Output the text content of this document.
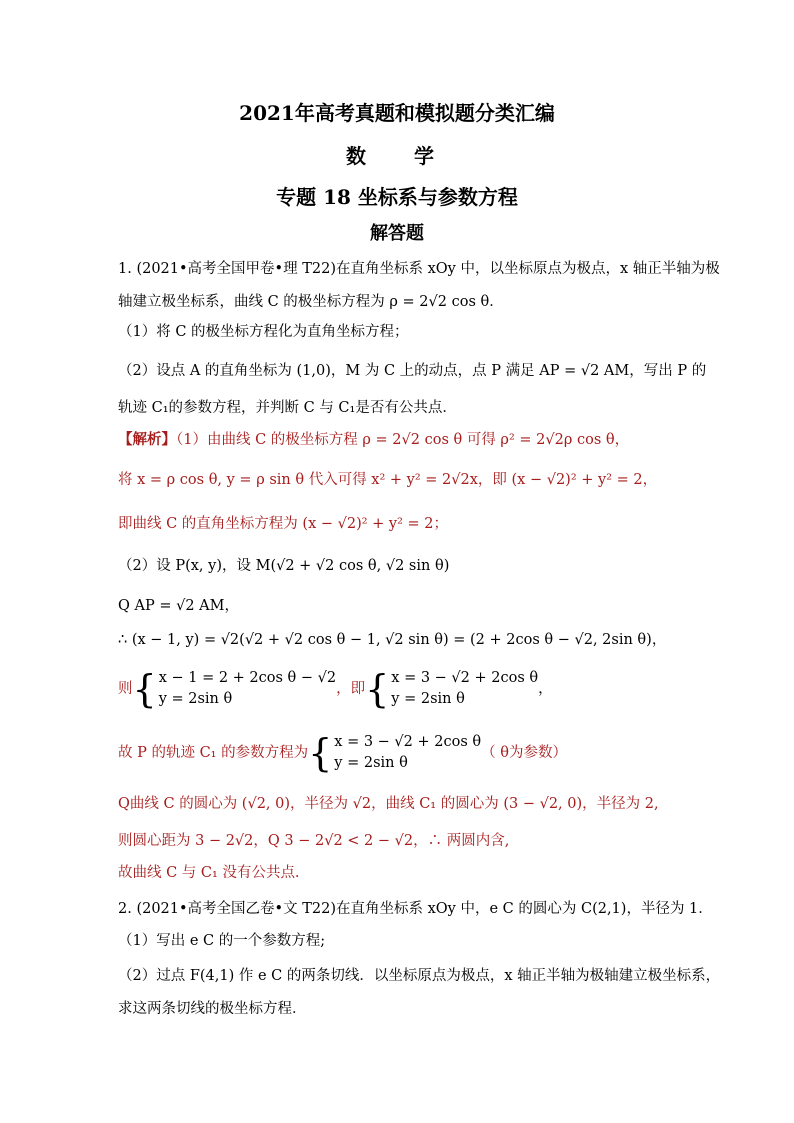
2021年高考真题和模拟题分类汇编
数　学
专题 18 坐标系与参数方程
解答题
1. (2021•高考全国甲卷•理 T22)在直角坐标系 xOy 中，以坐标原点为极点，x 轴正半轴为极
轴建立极坐标系，曲线 C 的极坐标方程为 ρ = 2√2 cos θ．
（1）将 C 的极坐标方程化为直角坐标方程；
（2）设点 A 的直角坐标为 (1,0)，M 为 C 上的动点，点 P 满足 AP = √2 AM，写出 P 的
轨迹 C₁的参数方程，并判断 C 与 C₁是否有公共点．
【解析】（1）由曲线 C 的极坐标方程 ρ = 2√2 cos θ 可得 ρ² = 2√2ρ cos θ，
将 x = ρ cos θ, y = ρ sin θ 代入可得 x² + y² = 2√2x，即 (x − √2)² + y² = 2，
即曲线 C 的直角坐标方程为 (x − √2)² + y² = 2；
（2）设 P(x, y)，设 M(√2 + √2 cos θ, √2 sin θ)
Q AP = √2 AM，
∴ (x − 1, y) = √2(√2 + √2 cos θ − 1, √2 sin θ) = (2 + 2cos θ − √2, 2sin θ)，
则{ x − 1 = 2 + 2cos θ − √2
y = 2sin θ
，即{ x = 3 − √2 + 2cos θ
y = 2sin θ
，
故 P 的轨迹 C₁ 的参数方程为{ x = 3 − √2 + 2cos θ
y = 2sin θ
（ θ为参数）
Q曲线 C 的圆心为 (√2, 0)，半径为 √2，曲线 C₁ 的圆心为 (3 − √2, 0)，半径为 2,
则圆心距为 3 − 2√2，Q 3 − 2√2 < 2 − √2，∴ 两圆内含,
故曲线 C 与 C₁ 没有公共点.
2. (2021•高考全国乙卷•文 T22)在直角坐标系 xOy 中，e C 的圆心为 C(2,1)，半径为 1．
（1）写出 e C 的一个参数方程;
（2）过点 F(4,1) 作 e C 的两条切线．以坐标原点为极点，x 轴正半轴为极轴建立极坐标系，
求这两条切线的极坐标方程．
